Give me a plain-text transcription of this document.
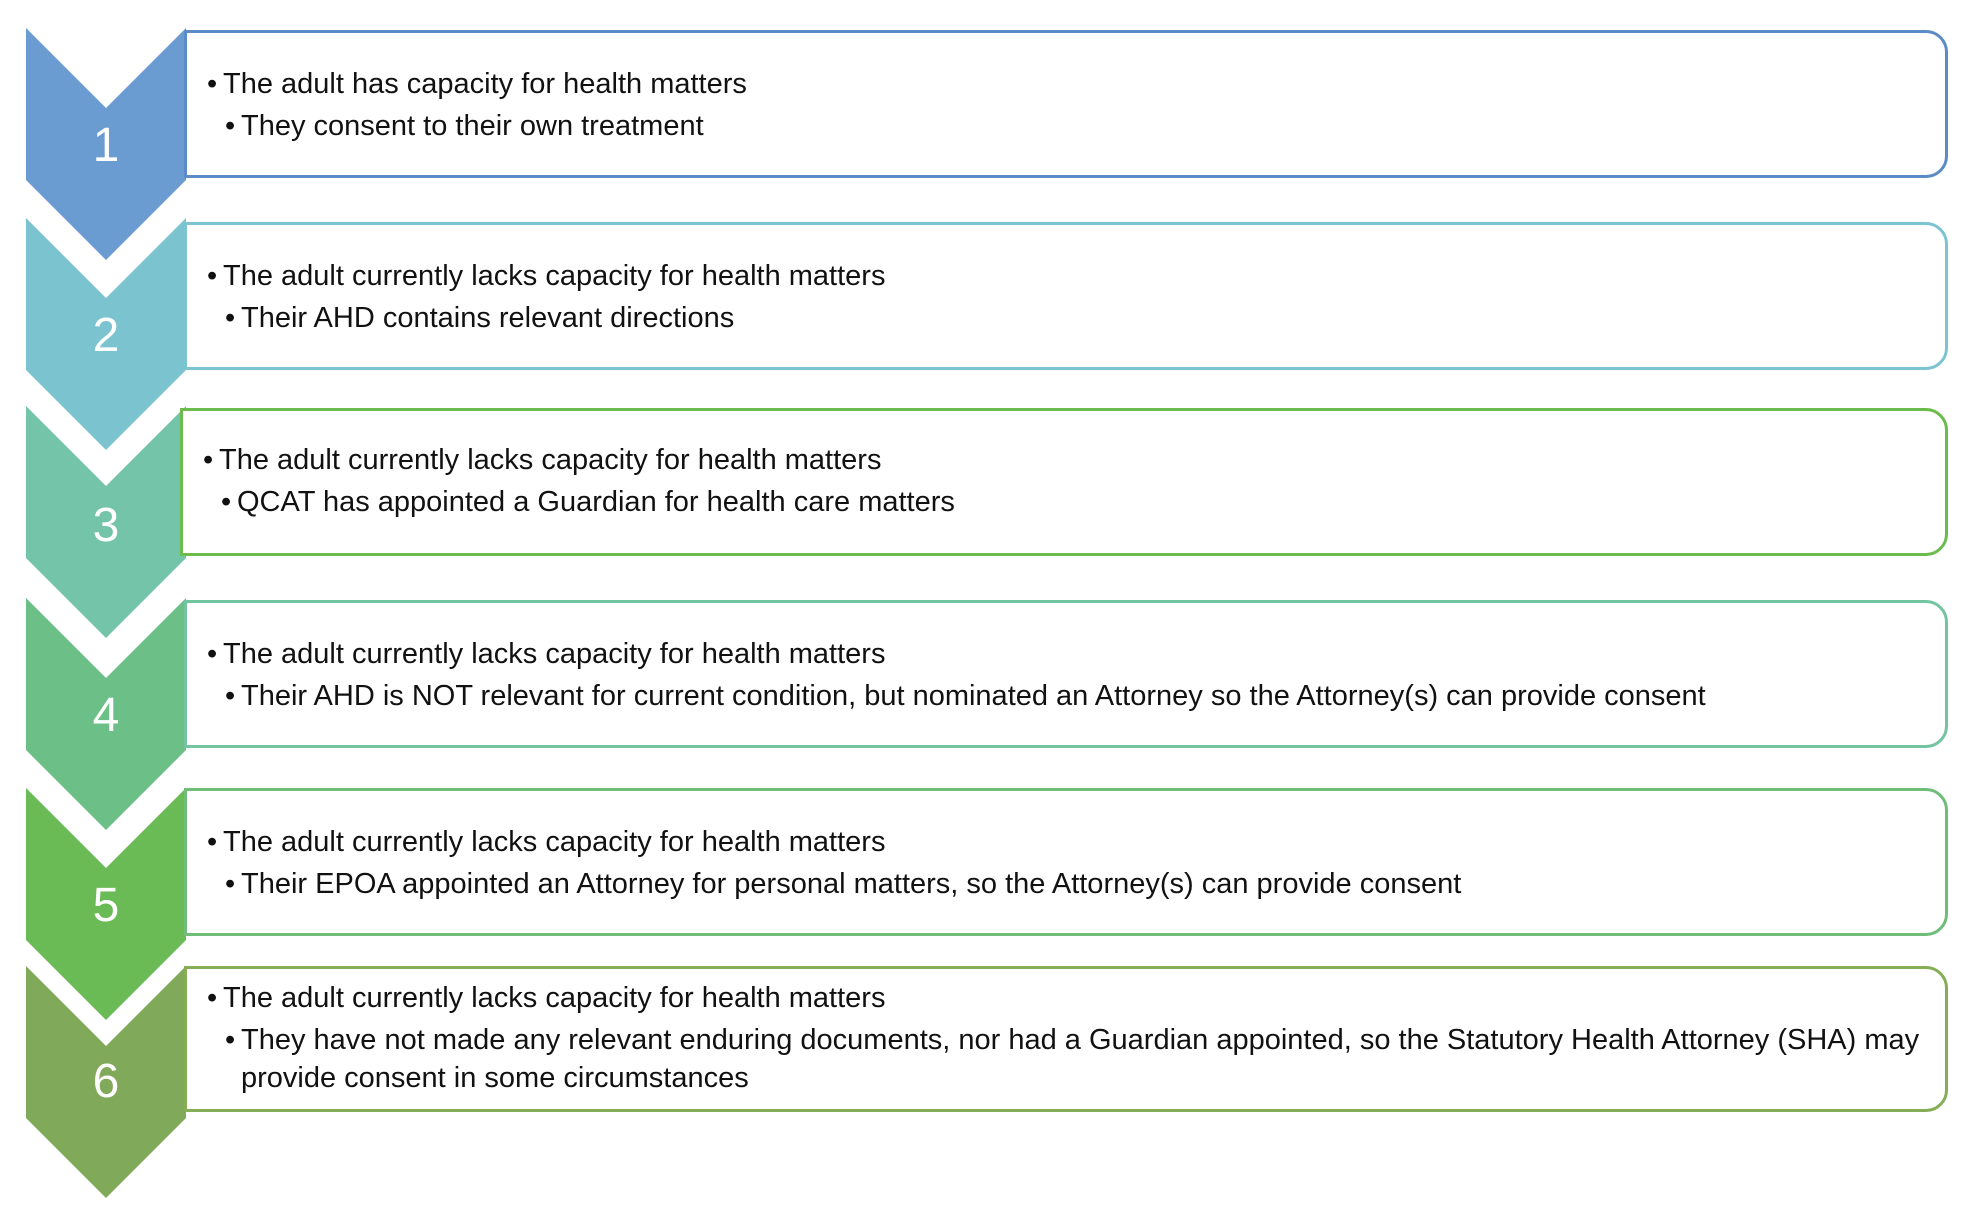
1
• The adult has capacity for health matters
• They consent to their own treatment
2
• The adult currently lacks capacity for health matters
• Their AHD contains relevant directions
3
• The adult currently lacks capacity for health matters
• QCAT has appointed a Guardian for health care matters
4
• The adult currently lacks capacity for health matters
• Their AHD is NOT relevant for current condition, but nominated an Attorney so the Attorney(s) can provide consent
5
• The adult currently lacks capacity for health matters
• Their EPOA appointed an Attorney for personal matters, so the Attorney(s) can provide consent
6
• The adult currently lacks capacity for health matters
• They have not made any relevant enduring documents, nor had a Guardian appointed, so the Statutory Health Attorney (SHA) may provide consent in some circumstances
